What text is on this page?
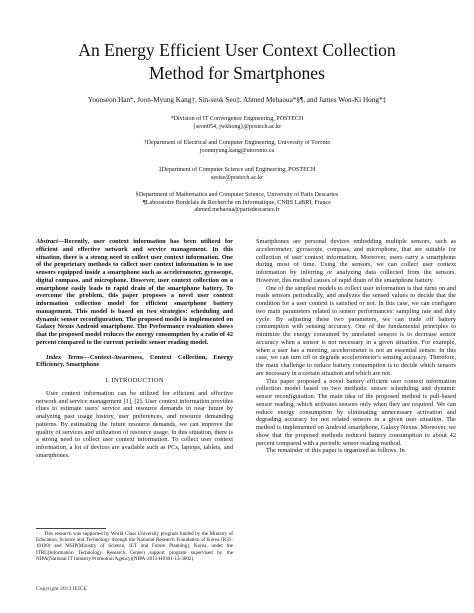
An Energy Efficient User Context Collection
Method for Smartphones
Yoonseon Han*, Joon-Myung Kang†, Sin-seok Seo‡, Ahmed Mehaoua*§¶, and James Won-Ki Hong*‡
*Division of IT Convergence Engineering, POSTECH
{seon054, jwkhong}@postech.ac.kr
†Department of Electrical and Computer Engineering, University of Toronto
joonmyung.kang@utoronto.ca
‡Department of Computer Science and Engineering, POSTECH
sesise@postech.ac.kr
§Department of Mathematics and Computer Science, University of Paris Descartes
¶Laboratoire Bordelais de Recherche en Informatique, CNRS LaBRI, France
ahmed.mehaoua@parisdescartes.fr
Abstract—Recently, user context information has been utilized for efficient and effective network and service management. In this situation, there is a strong need to collect user context information. One of the proprietary methods to collect user context information is to use sensors equipped inside a smartphone such as accelerometer, gyroscope, digital compass, and microphone. However, user context collection on a smartphone easily leads to rapid drain of the smartphone battery. To overcome the problem, this paper proposes a novel user context information collection model for efficient smartphone battery management. This model is based on two strategies: scheduling and dynamic sensor reconfiguration. The proposed model is implemented on Galaxy Nexus Android smartphone. The Performance evaluation shows that the proposed model reduces the energy consumption by a ratio of 42 percent compared to the current periodic sensor reading model.
Index Terms—Context-Awareness, Context Collection, Energy Efficiency, Smartphone
I. INTRODUCTION

User context information can be utilized for efficient and effective network and service management [1], [2]. User context information provides clues to estimate users' service and resource demands in near future by analyzing past usage history, user preferences, and resource demanding patterns. By estimating the future resource demands, we can improve the quality of services and utilization of resource usage. In this situation, there is a strong need to collect user context information. To collect user context information, a lot of devices are available such as PCs, laptops, tablets, and smartphones.

This research was supported by World Class University program funded by the Ministry of Education, Science and Technology through the National Research Foundation of Korea (R31-10100) and MSIP(Ministry of Science, ICT and Future Planning), Korea, under the ITRC(Information Technology Research Center) support program supervised by the NIPA(National IT Industry Promotion Agency)(NIPA-2013-H0301-13-3002).

Smartphones are personal devices embedding multiple sensors, such as accelerometer, gyroscope, compass, and microphone, that are suitable for collection of user context information. Moreover, users carry a smartphone during most of time. Using the sensors, we can collect user context information by inferring or analyzing data collected from the sensors. However, this method causes of rapid drain of the smartphone battery.

One of the simplest models to collect user information is that turns on and reads sensors periodically, and analyzes the sensed values to decide that the condition for a user context is satisfied or not. In this case, we can configure two main parameters related to sensor performances: sampling rate and duty cycle. By adjusting these two parameters, we can trade off battery consumption with sensing accuracy. One of the fundamental principles to minimize the energy consumed by unrelated sensors is to decrease sensor accuracy when a sensor is not necessary in a given situation. For example, when a user has a meeting, accelerometer is not an essential sensor. In this case, we can turn off or degrade accelerometer's sensing accuracy. Therefore, the main challenge to reduce battery consumption is to decide which sensors are necessary in a certain situation and which are not.

This paper proposed a novel battery efficient user context information collection model based on two methods: sensor scheduling and dynamic sensor reconfiguration. The main idea of the proposed method is pull-based sensor reading, which activates sensors only when they are required. We can reduce energy consumption by eliminating unnecessary activation and degrading accuracy for not related sensors in a given user situation. The method is implemented on Android smartphone, Galaxy Nexus. Moreover, we show that the proposed methods reduced battery consumption to about 42 percent compared with a periodic sensor reading method.

The remainder of this paper is organized as follows. In

Copyright 2013 IEICE
